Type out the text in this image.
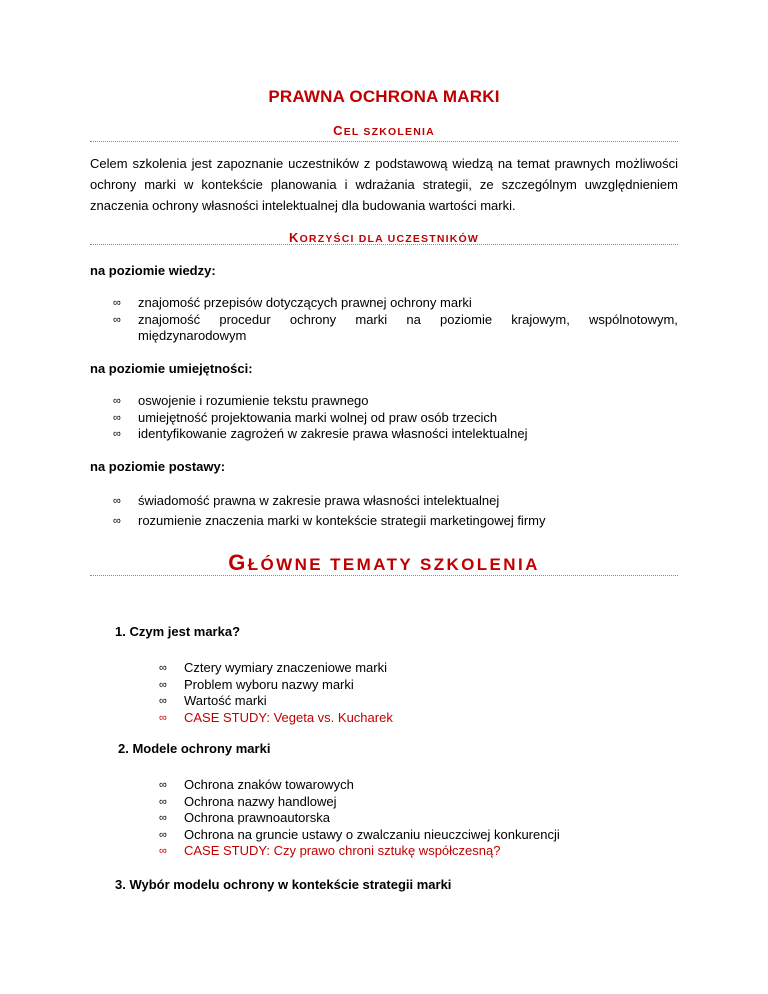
PRAWNA OCHRONA MARKI
CEL SZKOLENIA
Celem szkolenia jest zapoznanie uczestników z podstawową wiedzą na temat prawnych możliwości ochrony marki w kontekście planowania i wdrażania strategii, ze szczególnym uwzględnieniem znaczenia ochrony własności intelektualnej dla budowania wartości marki.
KORZYŚCI DLA UCZESTNIKÓW
na poziomie wiedzy:
∞ znajomość przepisów dotyczących prawnej ochrony marki
∞ znajomość procedur ochrony marki na poziomie krajowym, wspólnotowym,
międzynarodowym
na poziomie umiejętności:
∞ oswojenie i rozumienie tekstu prawnego
∞ umiejętność projektowania marki wolnej od praw osób trzecich
∞ identyfikowanie zagrożeń w zakresie prawa własności intelektualnej
na poziomie postawy:
∞ świadomość prawna w zakresie prawa własności intelektualnej
∞ rozumienie znaczenia marki w kontekście strategii marketingowej firmy
GŁÓWNE TEMATY SZKOLENIA
1. Czym jest marka?
∞ Cztery wymiary znaczeniowe marki
∞ Problem wyboru nazwy marki
∞ Wartość marki
∞ CASE STUDY: Vegeta vs. Kucharek
2. Modele ochrony marki
∞ Ochrona znaków towarowych
∞ Ochrona nazwy handlowej
∞ Ochrona prawnoautorska
∞ Ochrona na gruncie ustawy o zwalczaniu nieuczciwej konkurencji
∞ CASE STUDY: Czy prawo chroni sztukę współczesną?
3. Wybór modelu ochrony w kontekście strategii marki
